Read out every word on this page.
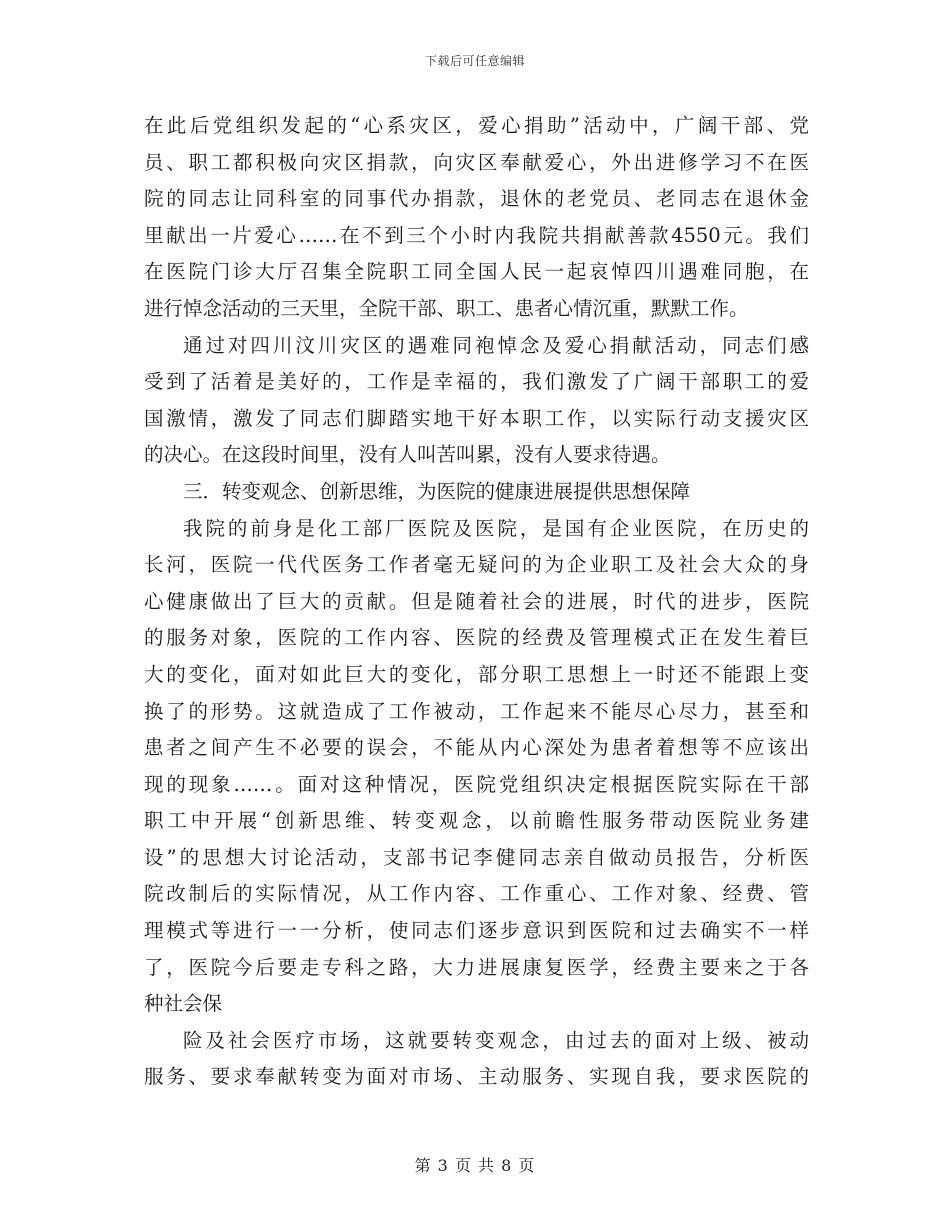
下载后可任意编辑
在此后党组织发起的“心系灾区，爱心捐助”活动中，广阔干部、党
员、职工都积极向灾区捐款，向灾区奉献爱心，外出进修学习不在医
院的同志让同科室的同事代办捐款，退休的老党员、老同志在退休金
里献出一片爱心……在不到三个小时内我院共捐献善款4550元。我们
在医院门诊大厅召集全院职工同全国人民一起哀悼四川遇难同胞，在
进行悼念活动的三天里，全院干部、职工、患者心情沉重，默默工作。
通过对四川汶川灾区的遇难同袍悼念及爱心捐献活动，同志们感
受到了活着是美好的，工作是幸福的，我们激发了广阔干部职工的爱
国激情，激发了同志们脚踏实地干好本职工作，以实际行动支援灾区
的决心。在这段时间里，没有人叫苦叫累，没有人要求待遇。
三．转变观念、创新思维，为医院的健康进展提供思想保障
我院的前身是化工部厂医院及医院，是国有企业医院，在历史的
长河，医院一代代医务工作者毫无疑问的为企业职工及社会大众的身
心健康做出了巨大的贡献。但是随着社会的进展，时代的进步，医院
的服务对象，医院的工作内容、医院的经费及管理模式正在发生着巨
大的变化，面对如此巨大的变化，部分职工思想上一时还不能跟上变
换了的形势。这就造成了工作被动，工作起来不能尽心尽力，甚至和
患者之间产生不必要的误会，不能从内心深处为患者着想等不应该出
现的现象……。面对这种情况，医院党组织决定根据医院实际在干部
职工中开展“创新思维、转变观念，以前瞻性服务带动医院业务建
设”的思想大讨论活动，支部书记李健同志亲自做动员报告，分析医
院改制后的实际情况，从工作内容、工作重心、工作对象、经费、管
理模式等进行一一分析，使同志们逐步意识到医院和过去确实不一样
了，医院今后要走专科之路，大力进展康复医学，经费主要来之于各
种社会保
险及社会医疗市场，这就要转变观念，由过去的面对上级、被动
服务、要求奉献转变为面对市场、主动服务、实现自我，要求医院的
第 3 页 共 8 页
